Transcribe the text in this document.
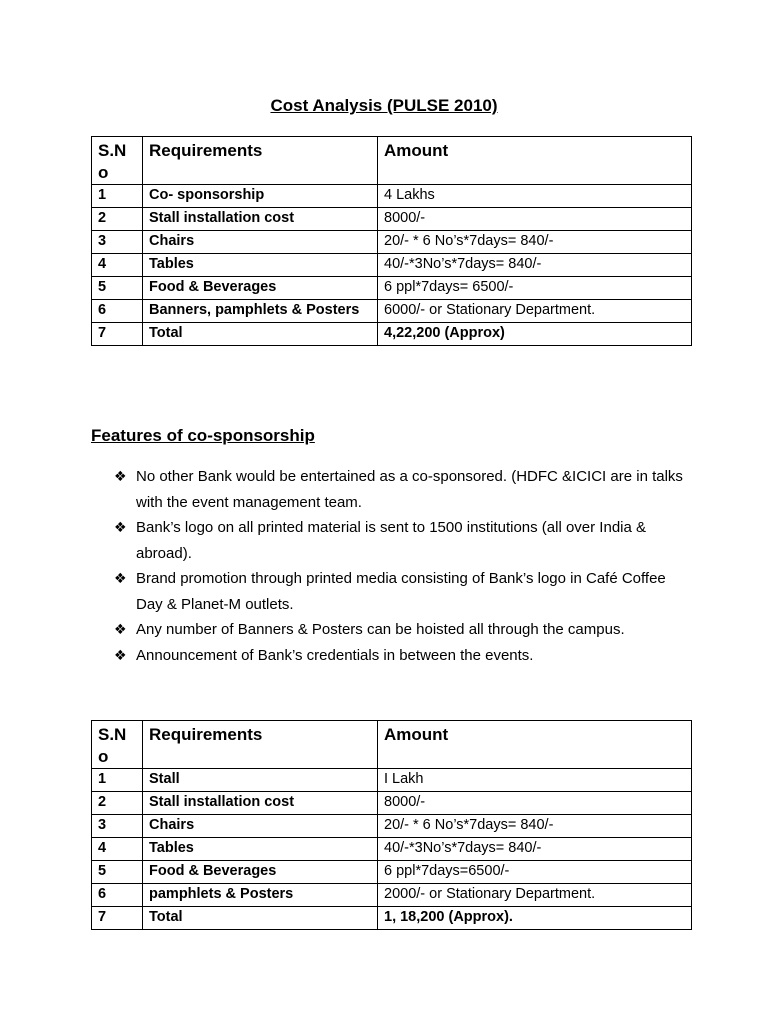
Cost Analysis (PULSE 2010)
S.N o	Requirements	Amount
1	Co- sponsorship	4 Lakhs
2	Stall installation cost	8000/-
3	Chairs	20/- * 6 No’s*7days= 840/-
4	Tables	40/-*3No’s*7days= 840/-
5	Food & Beverages	6 ppl*7days= 6500/-
6	Banners, pamphlets & Posters	6000/- or Stationary Department.
7	Total	4,22,200 (Approx)
Features of co-sponsorship
❖ No other Bank would be entertained as a co-sponsored. (HDFC &ICICI are in talks with the event management team.
❖ Bank’s logo on all printed material is sent to 1500 institutions (all over India & abroad).
❖ Brand promotion through printed media consisting of Bank’s logo in Café Coffee Day & Planet-M outlets.
❖ Any number of Banners & Posters can be hoisted all through the campus.
❖ Announcement of Bank’s credentials in between the events.
S.N o	Requirements	Amount
1	Stall	I Lakh
2	Stall installation cost	8000/-
3	Chairs	20/- * 6 No’s*7days= 840/-
4	Tables	40/-*3No’s*7days= 840/-
5	Food & Beverages	6 ppl*7days=6500/-
6	pamphlets & Posters	2000/- or Stationary Department.
7	Total	1, 18,200 (Approx).
